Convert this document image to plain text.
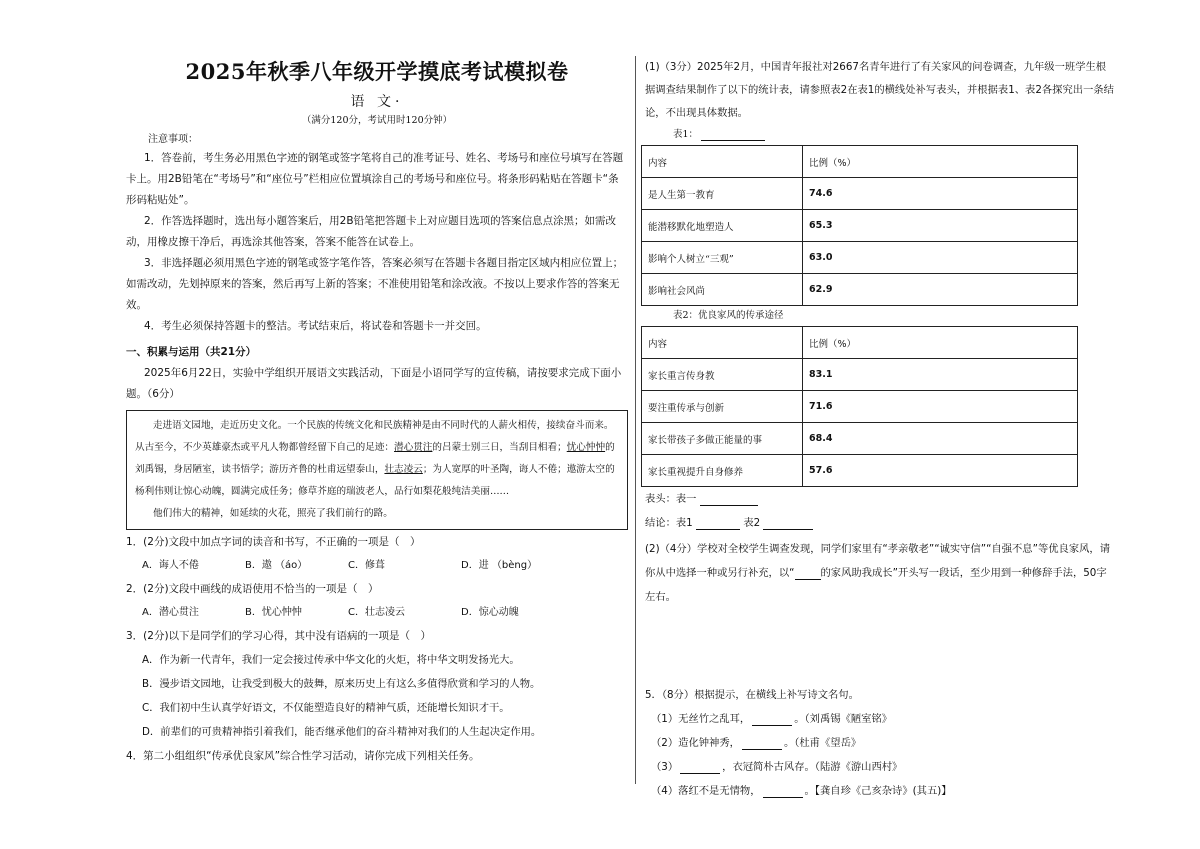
2025年秋季八年级开学摸底考试模拟卷
语 文·
（满分120分，考试用时120分钟）
注意事项：

1．答卷前，考生务必用黑色字迹的钢笔或签字笔将自己的准考证号、姓名、考场号和座位号填写在答题卡上。用2B铅笔在“考场号”和“座位号”栏相应位置填涂自己的考场号和座位号。将条形码粘贴在答题卡“条形码粘贴处”。

2．作答选择题时，选出每小题答案后，用2B铅笔把答题卡上对应题目选项的答案信息点涂黑；如需改动，用橡皮擦干净后，再选涂其他答案，答案不能答在试卷上。

3．非选择题必须用黑色字迹的钢笔或签字笔作答，答案必须写在答题卡各题目指定区域内相应位置上；如需改动，先划掉原来的答案，然后再写上新的答案；不准使用铅笔和涂改液。不按以上要求作答的答案无效。

4．考生必须保持答题卡的整洁。考试结束后，将试卷和答题卡一并交回。

一、积累与运用（共21分）

2025年6月22日，实验中学组织开展语文实践活动，下面是小语同学写的宣传稿，请按要求完成下面小题。（6分）

走进语文园地，走近历史文化。一个民族的传统文化和民族精神是由不同时代的人薪火相传，接续奋斗而来。从古至今，不少英雄豪杰或平凡人物都曾经留下自己的足迹：潜心贯注的吕蒙士别三日，当刮目相看；忧心忡忡的刘禹锡，身居陋室，读书悟学；游历齐鲁的杜甫远望泰山，壮志凌云；为人宽厚的叶圣陶，诲人不倦；遨游太空的杨利伟则让惊心动魄，圆满完成任务；修草芥庭的瑞波老人，品行如梨花般纯洁美丽……

他们伟大的精神，如延续的火花，照亮了我们前行的路。

1．(2分)文段中加点字词的读音和书写，不正确的一项是（　）
A．诲人不倦	B．遨 （áo）	C．修葺	D．进 （bèng）
2．(2分)文段中画线的成语使用不恰当的一项是（　）
A．潜心贯注	B．忧心忡忡	C．壮志凌云	D．惊心动魄
3．(2分)以下是同学们的学习心得，其中没有语病的一项是（　）
A．作为新一代青年，我们一定会接过传承中华文化的火炬，将中华文明发扬光大。
B．漫步语文园地，让我受到极大的鼓舞，原来历史上有这么多值得欣赏和学习的人物。
C．我们初中生认真学好语文，不仅能塑造良好的精神气质，还能增长知识才干。
D．前辈们的可贵精神指引着我们，能否继承他们的奋斗精神对我们的人生起决定作用。
4．第二小组组织“传承优良家风”综合性学习活动，请你完成下列相关任务。

(1)（3分）2025年2月，中国青年报社对2667名青年进行了有关家风的问卷调查，九年级一班学生根据调查结果制作了以下的统计表，请参照表2在表1的横线处补写表头，并根据表1、表2各探究出一条结论，不出现具体数据。

表1：
内容	比例（%）
是人生第一教育	74.6
能潜移默化地塑造人	65.3
影响个人树立“三观”	63.0
影响社会风尚	62.9
表2：优良家风的传承途径
内容	比例（%）
家长重言传身教	83.1
要注重传承与创新	71.6
家长带孩子多做正能量的事	68.4
家长重视提升自身修养	57.6
表头：表一
结论：表1	表2

(2)（4分）学校对全校学生调查发现，同学们家里有“孝亲敬老”“诚实守信”“自强不息”等优良家风，请你从中选择一种或另行补充，以“	的家风助我成长”开头写一段话，至少用到一种修辞手法，50字左右。

5．（8分）根据提示，在横线上补写诗文名句。
（1）无丝竹之乱耳，	。（刘禹锡《陋室铭》
（2）造化钟神秀，	。（杜甫《望岳》
（3）	，衣冠简朴古风存。（陆游《游山西村》
（4）落红不是无情物，	。【龚自珍《己亥杂诗》(其五)】
